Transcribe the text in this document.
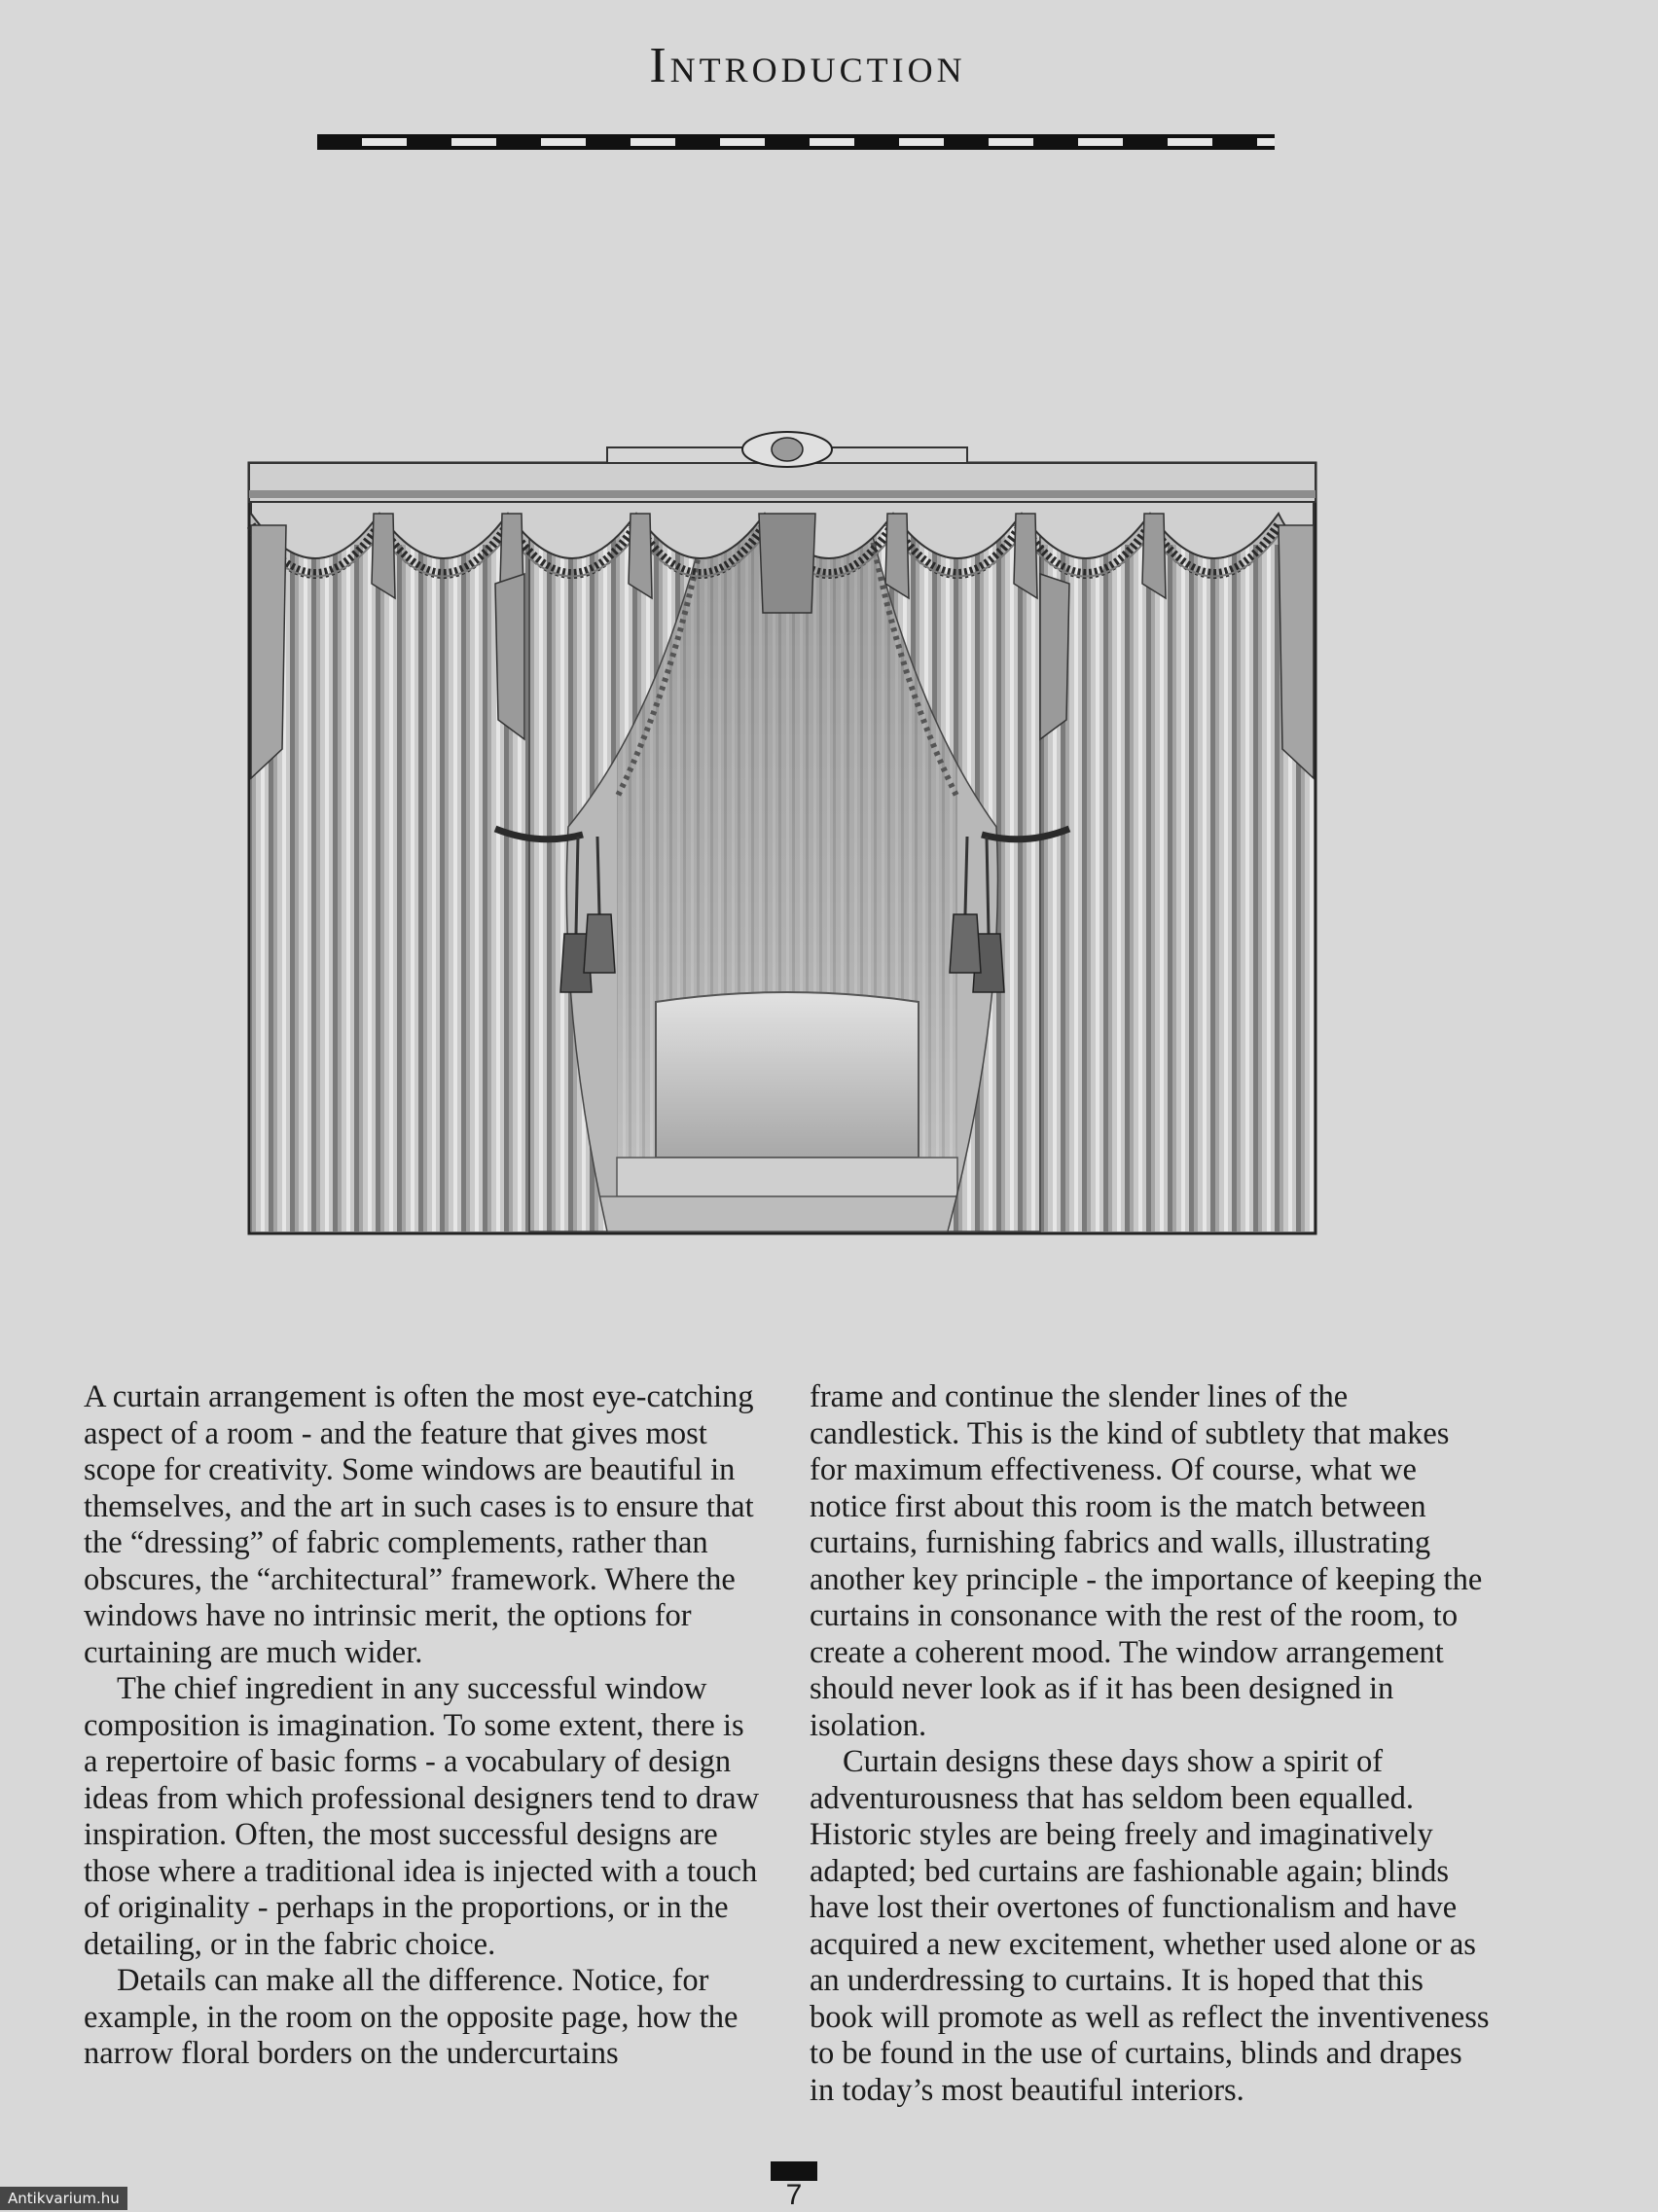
Introduction

A curtain arrangement is often the most eye-catching aspect of a room - and the feature that gives most scope for creativity. Some windows are beautiful in themselves, and the art in such cases is to ensure that the “dressing” of fabric complements, rather than obscures, the “architectural” framework. Where the windows have no intrinsic merit, the options for curtaining are much wider.

The chief ingredient in any successful window composition is imagination. To some extent, there is a repertoire of basic forms - a vocabulary of design ideas from which professional designers tend to draw inspiration. Often, the most successful designs are those where a traditional idea is injected with a touch of originality - perhaps in the proportions, or in the detailing, or in the fabric choice.

Details can make all the difference. Notice, for example, in the room on the opposite page, how the narrow floral borders on the undercurtains

frame and continue the slender lines of the candlestick. This is the kind of subtlety that makes for maximum effectiveness. Of course, what we notice first about this room is the match between curtains, furnishing fabrics and walls, illustrating another key principle - the importance of keeping the curtains in consonance with the rest of the room, to create a coherent mood. The window arrangement should never look as if it has been designed in isolation.

Curtain designs these days show a spirit of adventurousness that has seldom been equalled. Historic styles are being freely and imaginatively adapted; bed curtains are fashionable again; blinds have lost their overtones of functionalism and have acquired a new excitement, whether used alone or as an underdressing to curtains. It is hoped that this book will promote as well as reflect the inventiveness to be found in the use of curtains, blinds and drapes in today’s most beautiful interiors.

7
Antikvarium.hu
